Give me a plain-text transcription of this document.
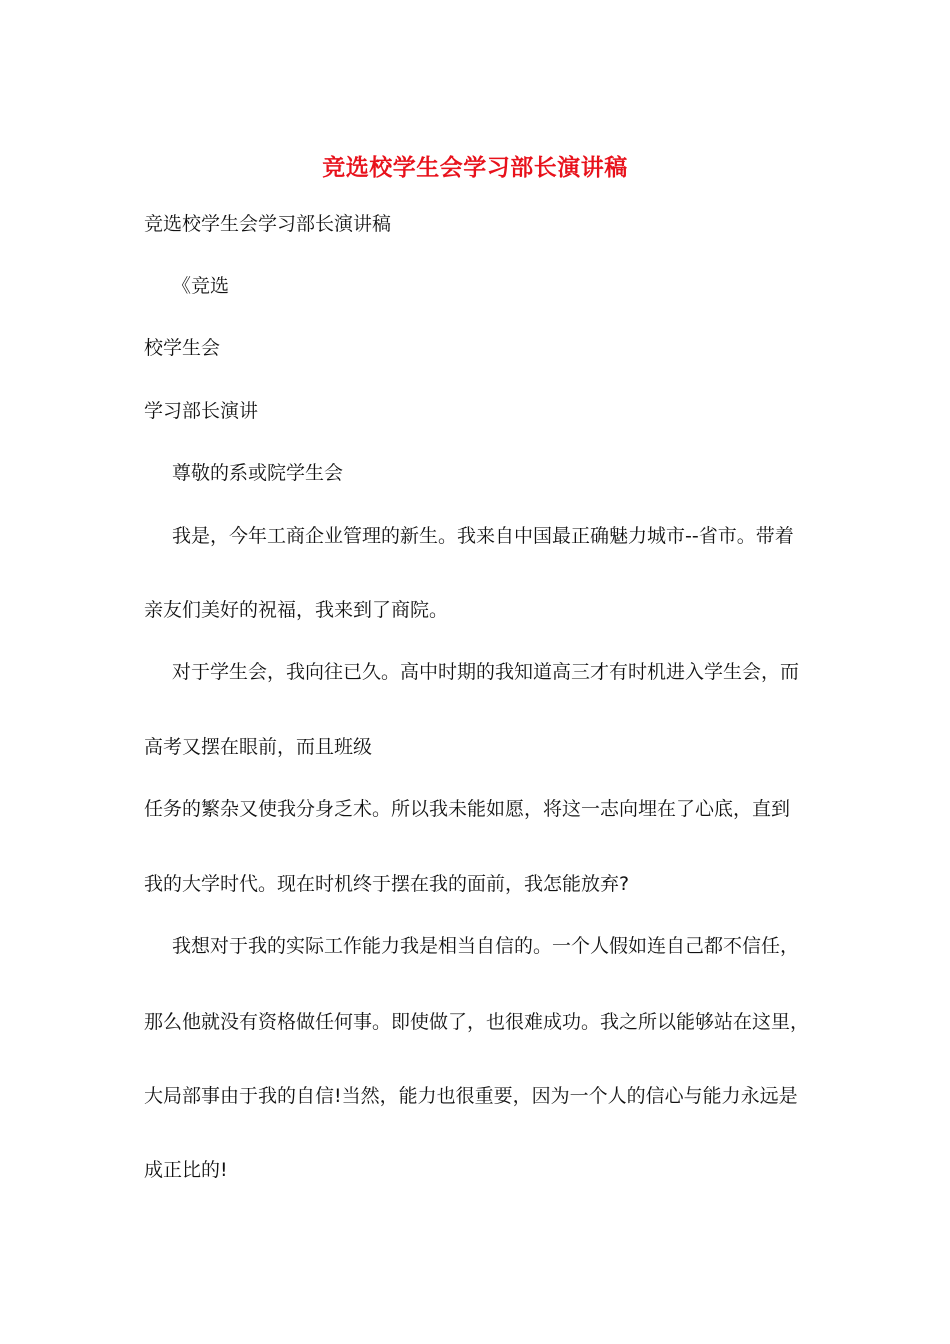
竞选校学生会学习部长演讲稿
竞选校学生会学习部长演讲稿
《竞选
校学生会
学习部长演讲
尊敬的系或院学生会
我是，今年工商企业管理的新生。我来自中国最正确魅力城市--省市。带着
亲友们美好的祝福，我来到了商院。
对于学生会，我向往已久。高中时期的我知道高三才有时机进入学生会，而
高考又摆在眼前，而且班级
任务的繁杂又使我分身乏术。所以我未能如愿，将这一志向埋在了心底，直到
我的大学时代。现在时机终于摆在我的面前，我怎能放弃?
我想对于我的实际工作能力我是相当自信的。一个人假如连自己都不信任，
那么他就没有资格做任何事。即使做了，也很难成功。我之所以能够站在这里，
大局部事由于我的自信!当然，能力也很重要，因为一个人的信心与能力永远是
成正比的!
